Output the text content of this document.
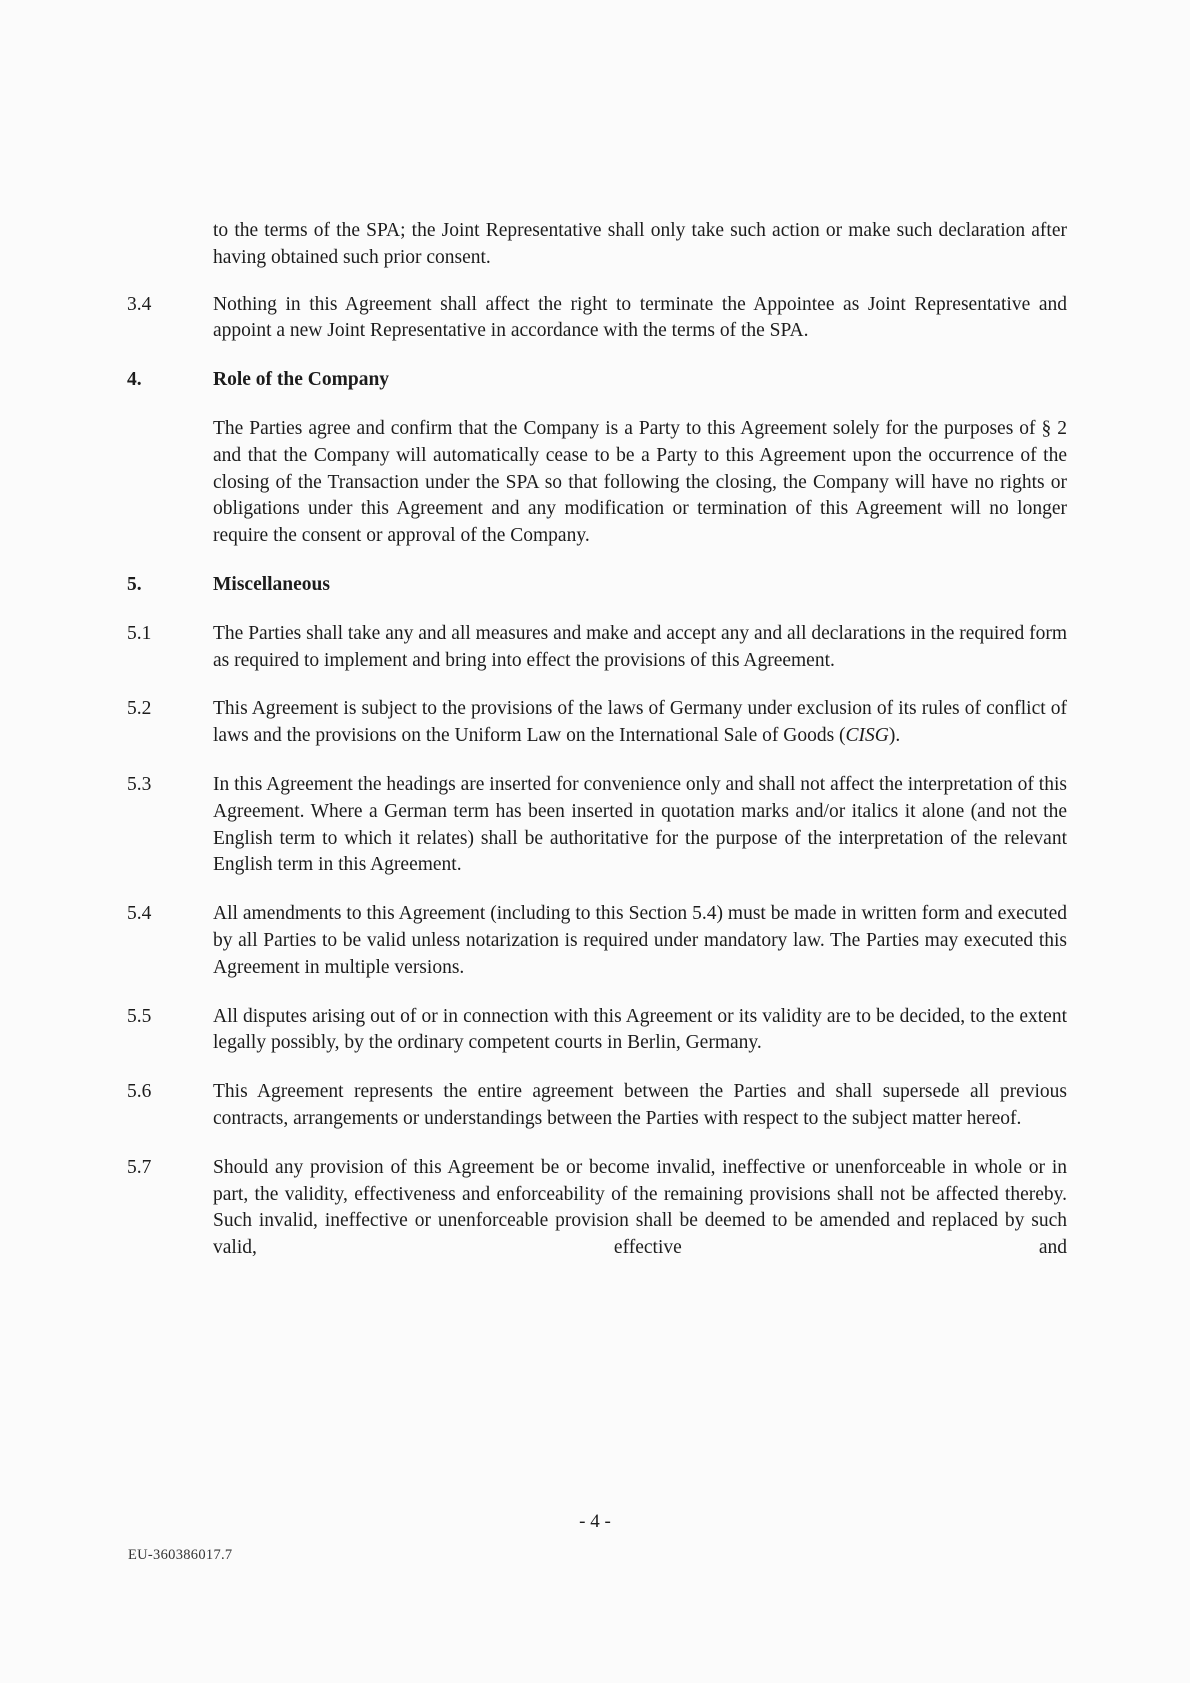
to the terms of the SPA; the Joint Representative shall only take such action or make such declaration after having obtained such prior consent.

3.4	Nothing in this Agreement shall affect the right to terminate the Appointee as Joint Representative and appoint a new Joint Representative in accordance with the terms of the SPA.
4.	Role of the Company
The Parties agree and confirm that the Company is a Party to this Agreement solely for the purposes of § 2 and that the Company will automatically cease to be a Party to this Agreement upon the occurrence of the closing of the Transaction under the SPA so that following the closing, the Company will have no rights or obligations under this Agreement and any modification or termination of this Agreement will no longer require the consent or approval of the Company.
5.	Miscellaneous
5.1	The Parties shall take any and all measures and make and accept any and all declarations in the required form as required to implement and bring into effect the provisions of this Agreement.
5.2	This Agreement is subject to the provisions of the laws of Germany under exclusion of its rules of conflict of laws and the provisions on the Uniform Law on the International Sale of Goods (CISG).
5.3	In this Agreement the headings are inserted for convenience only and shall not affect the interpretation of this Agreement. Where a German term has been inserted in quotation marks and/or italics it alone (and not the English term to which it relates) shall be authoritative for the purpose of the interpretation of the relevant English term in this Agreement.
5.4	All amendments to this Agreement (including to this Section 5.4) must be made in written form and executed by all Parties to be valid unless notarization is required under mandatory law. The Parties may executed this Agreement in multiple versions.
5.5	All disputes arising out of or in connection with this Agreement or its validity are to be decided, to the extent legally possibly, by the ordinary competent courts in Berlin, Germany.
5.6	This Agreement represents the entire agreement between the Parties and shall supersede all previous contracts, arrangements or understandings between the Parties with respect to the subject matter hereof.
5.7	Should any provision of this Agreement be or become invalid, ineffective or unenforceable in whole or in part, the validity, effectiveness and enforceability of the remaining provisions shall not be affected thereby. Such invalid, ineffective or unenforceable provision shall be deemed to be amended and replaced by such valid, effective and
- 4 -
EU-360386017.7
